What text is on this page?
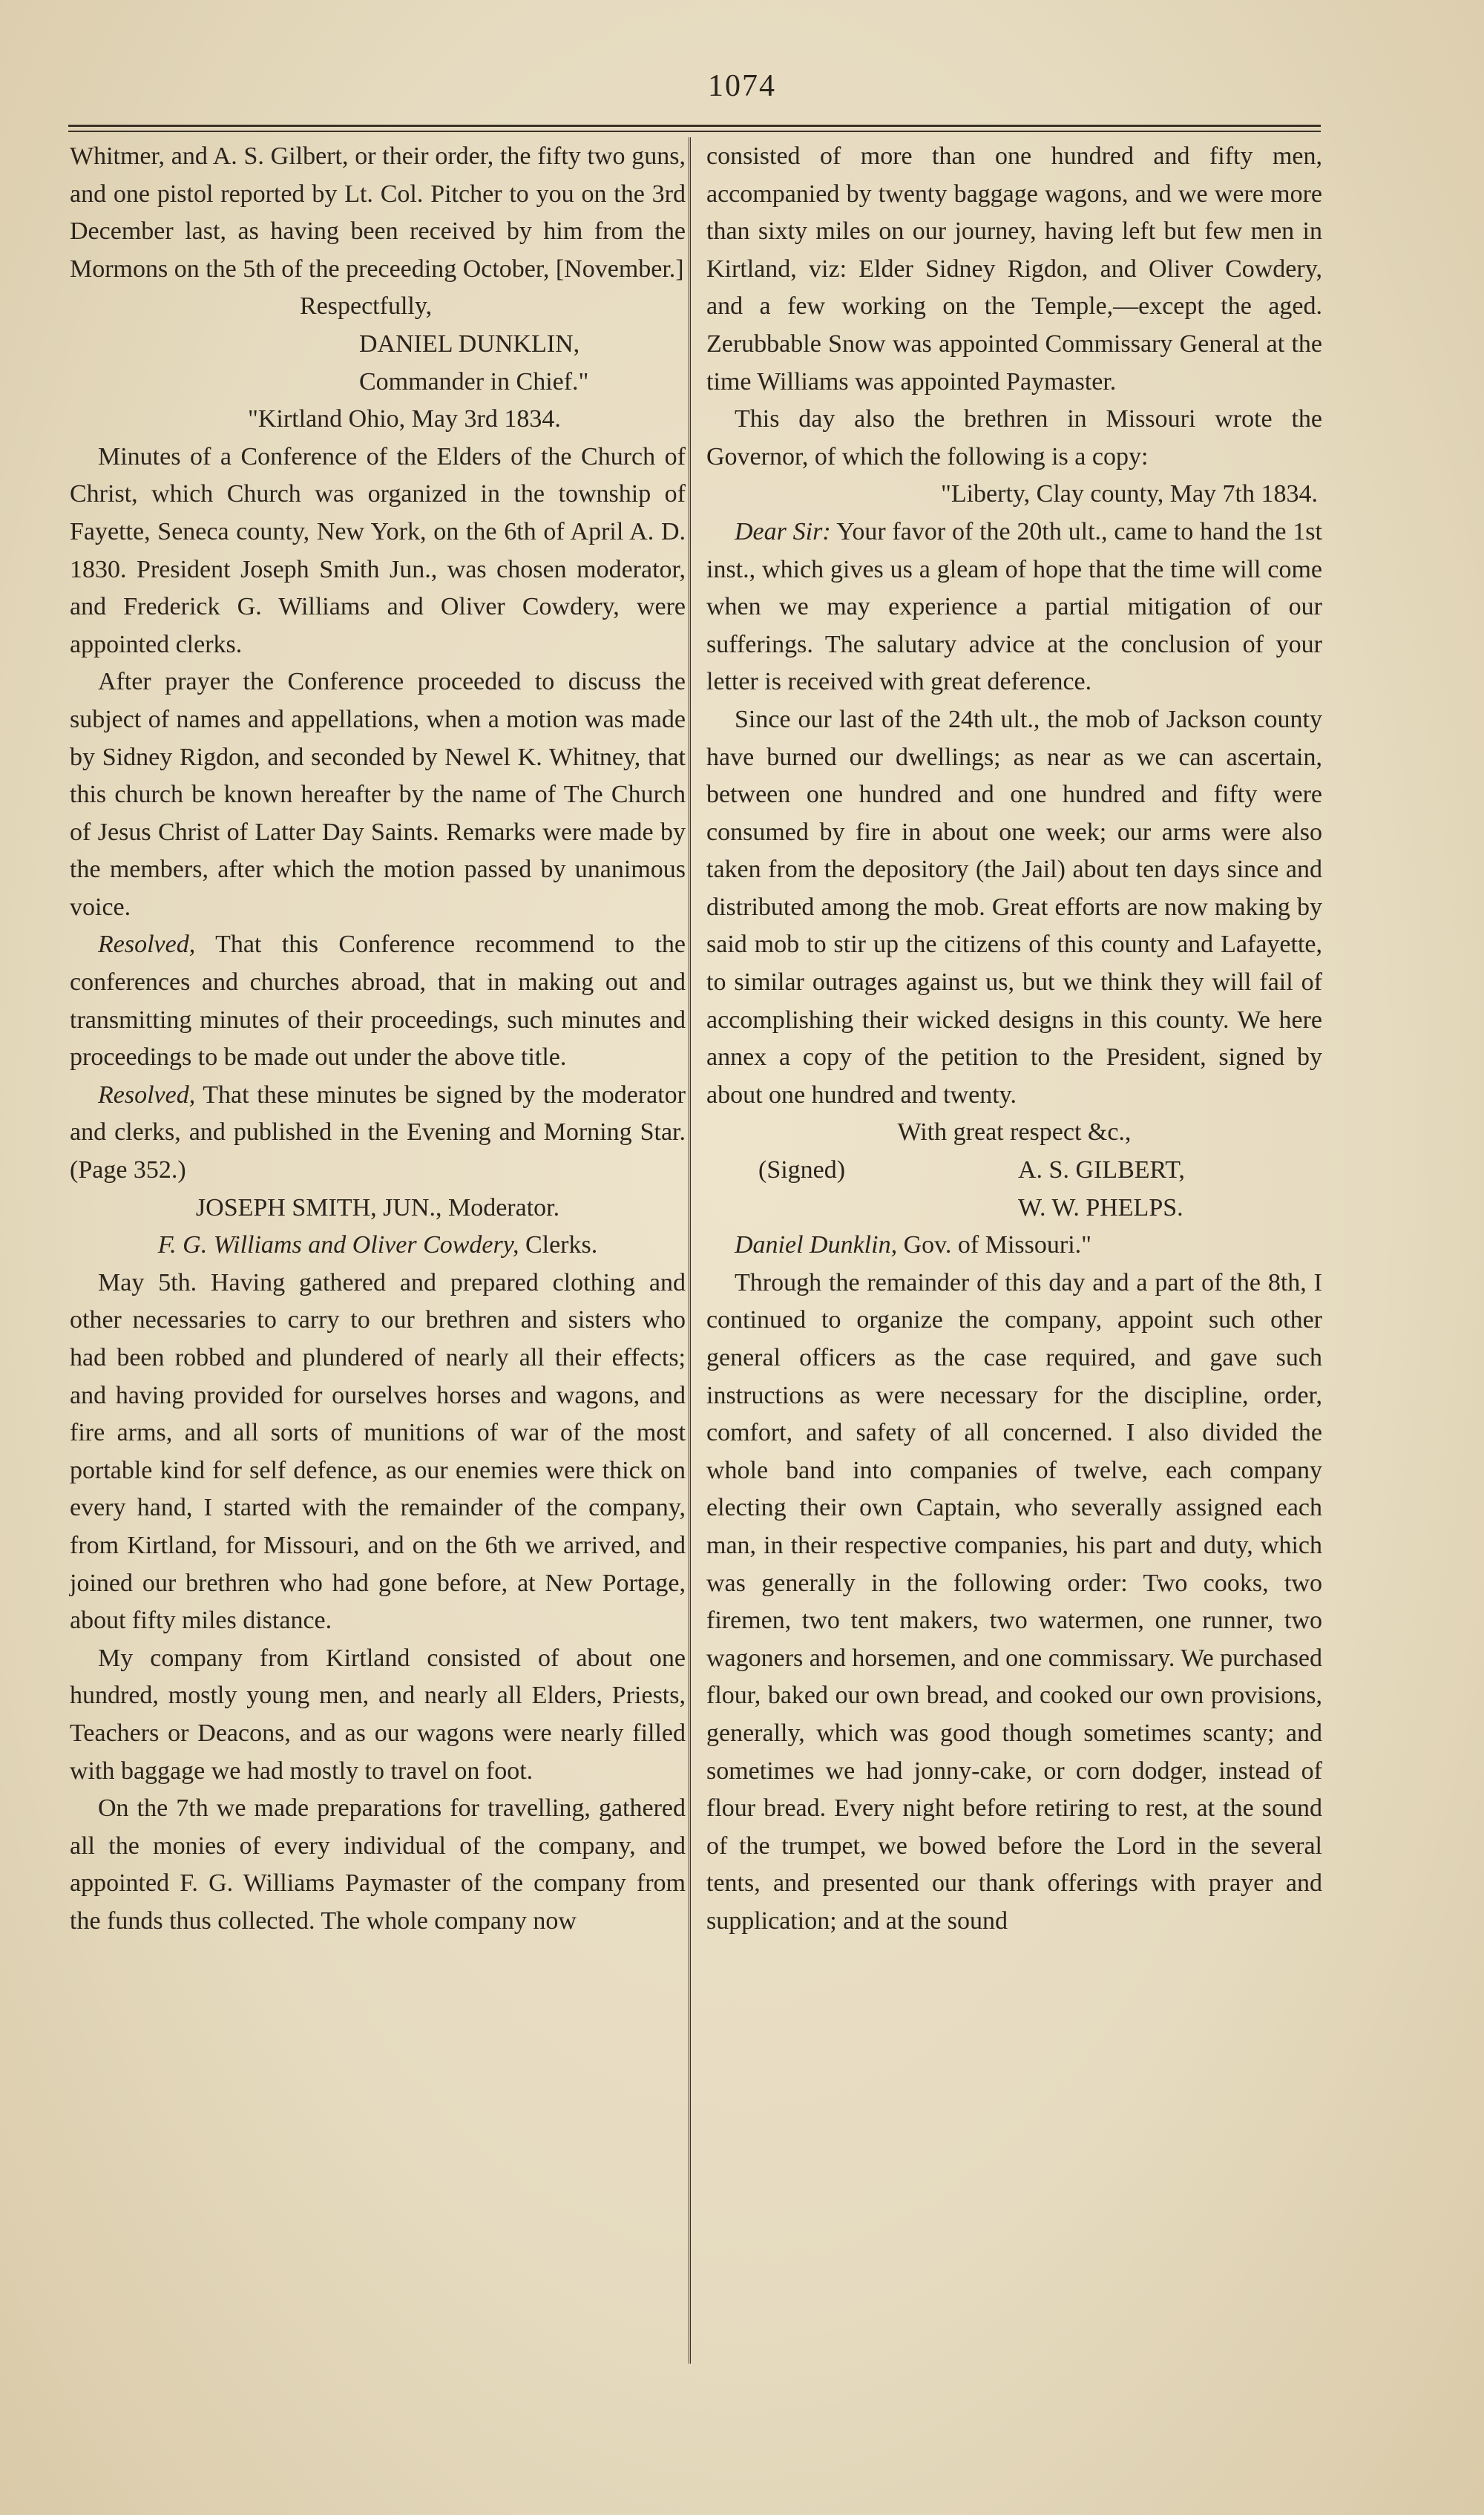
1074

Whitmer, and A. S. Gilbert, or their order, the fifty two guns, and one pistol reported by Lt. Col. Pitcher to you on the 3rd December last, as having been received by him from the Mormons on the 5th of the preceeding October, [November.]

Respectfully,

DANIEL DUNKLIN,

Commander in Chief."

"Kirtland Ohio, May 3rd 1834.

Minutes of a Conference of the Elders of the Church of Christ, which Church was organized in the township of Fayette, Seneca county, New York, on the 6th of April A. D. 1830. President Joseph Smith Jun., was chosen moderator, and Frederick G. Williams and Oliver Cowdery, were appointed clerks.

After prayer the Conference proceeded to discuss the subject of names and appellations, when a motion was made by Sidney Rigdon, and seconded by Newel K. Whitney, that this church be known hereafter by the name of The Church of Jesus Christ of Latter Day Saints. Remarks were made by the members, after which the motion passed by unanimous voice.

Resolved, That this Conference recommend to the conferences and churches abroad, that in making out and transmitting minutes of their proceedings, such minutes and proceedings to be made out under the above title.

Resolved, That these minutes be signed by the moderator and clerks, and published in the Evening and Morning Star. (Page 352.)

JOSEPH SMITH, JUN., Moderator.

F. G. Williams and Oliver Cowdery, Clerks.

May 5th. Having gathered and prepared clothing and other necessaries to carry to our brethren and sisters who had been robbed and plundered of nearly all their effects; and having provided for ourselves horses and wagons, and fire arms, and all sorts of munitions of war of the most portable kind for self defence, as our enemies were thick on every hand, I started with the remainder of the company, from Kirtland, for Missouri, and on the 6th we arrived, and joined our brethren who had gone before, at New Portage, about fifty miles distance.

My company from Kirtland consisted of about one hundred, mostly young men, and nearly all Elders, Priests, Teachers or Deacons, and as our wagons were nearly filled with baggage we had mostly to travel on foot.

On the 7th we made preparations for travelling, gathered all the monies of every individual of the company, and appointed F. G. Williams Paymaster of the company from the funds thus collected. The whole company now

consisted of more than one hundred and fifty men, accompanied by twenty baggage wagons, and we were more than sixty miles on our journey, having left but few men in Kirtland, viz: Elder Sidney Rigdon, and Oliver Cowdery, and a few working on the Temple,—except the aged. Zerubbable Snow was appointed Commissary General at the time Williams was appointed Paymaster.

This day also the brethren in Missouri wrote the Governor, of which the following is a copy:

"Liberty, Clay county, May 7th 1834.

Dear Sir: Your favor of the 20th ult., came to hand the 1st inst., which gives us a gleam of hope that the time will come when we may experience a partial mitigation of our sufferings. The salutary advice at the conclusion of your letter is received with great deference.

Since our last of the 24th ult., the mob of Jackson county have burned our dwellings; as near as we can ascertain, between one hundred and one hundred and fifty were consumed by fire in about one week; our arms were also taken from the depository (the Jail) about ten days since and distributed among the mob. Great efforts are now making by said mob to stir up the citizens of this county and Lafayette, to similar outrages against us, but we think they will fail of accomplishing their wicked designs in this county. We here annex a copy of the petition to the President, signed by about one hundred and twenty.

With great respect &c.,

(Signed)	A. S. GILBERT,
W. W. PHELPS.

Daniel Dunklin, Gov. of Missouri."

Through the remainder of this day and a part of the 8th, I continued to organize the company, appoint such other general officers as the case required, and gave such instructions as were necessary for the discipline, order, comfort, and safety of all concerned. I also divided the whole band into companies of twelve, each company electing their own Captain, who severally assigned each man, in their respective companies, his part and duty, which was generally in the following order: Two cooks, two firemen, two tent makers, two watermen, one runner, two wagoners and horsemen, and one commissary. We purchased flour, baked our own bread, and cooked our own provisions, generally, which was good though sometimes scanty; and sometimes we had jonny-cake, or corn dodger, instead of flour bread. Every night before retiring to rest, at the sound of the trumpet, we bowed before the Lord in the several tents, and presented our thank offerings with prayer and supplication; and at the sound
